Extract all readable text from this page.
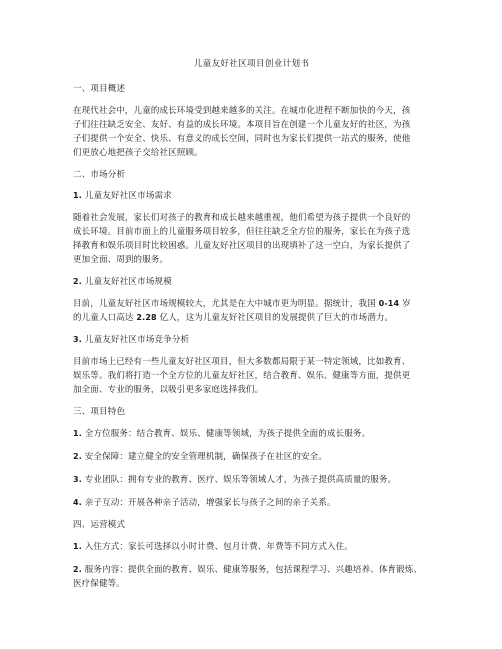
儿童友好社区项目创业计划书
一、项目概述
在现代社会中，儿童的成长环境受到越来越多的关注。在城市化进程不断加快的今天，孩
子们往往缺乏安全、友好、有益的成长环境。本项目旨在创建一个儿童友好的社区，为孩
子们提供一个安全、快乐、有意义的成长空间，同时也为家长们提供一站式的服务，使他
们更放心地把孩子交给社区照顾。
二、市场分析
1. 儿童友好社区市场需求
随着社会发展，家长们对孩子的教育和成长越来越重视，他们希望为孩子提供一个良好的
成长环境。目前市面上的儿童服务项目较多，但往往缺乏全方位的服务，家长在为孩子选
择教育和娱乐项目时比较困惑。儿童友好社区项目的出现填补了这一空白，为家长提供了
更加全面、周到的服务。
2. 儿童友好社区市场规模
目前，儿童友好社区市场规模较大，尤其是在大中城市更为明显。据统计，我国 0-14 岁
的儿童人口高达 2.28 亿人，这为儿童友好社区项目的发展提供了巨大的市场潜力。
3. 儿童友好社区市场竞争分析
目前市场上已经有一些儿童友好社区项目，但大多数都局限于某一特定领域，比如教育、
娱乐等。我们将打造一个全方位的儿童友好社区，结合教育、娱乐、健康等方面，提供更
加全面、专业的服务，以吸引更多家庭选择我们。
三、项目特色
1. 全方位服务：结合教育、娱乐、健康等领域，为孩子提供全面的成长服务。
2. 安全保障：建立健全的安全管理机制，确保孩子在社区的安全。
3. 专业团队：拥有专业的教育、医疗、娱乐等领域人才，为孩子提供高质量的服务。
4. 亲子互动：开展各种亲子活动，增强家长与孩子之间的亲子关系。
四、运营模式
1. 入住方式：家长可选择以小时计费、包月计费、年费等不同方式入住。
2. 服务内容：提供全面的教育、娱乐、健康等服务，包括课程学习、兴趣培养、体育锻炼、
医疗保健等。
